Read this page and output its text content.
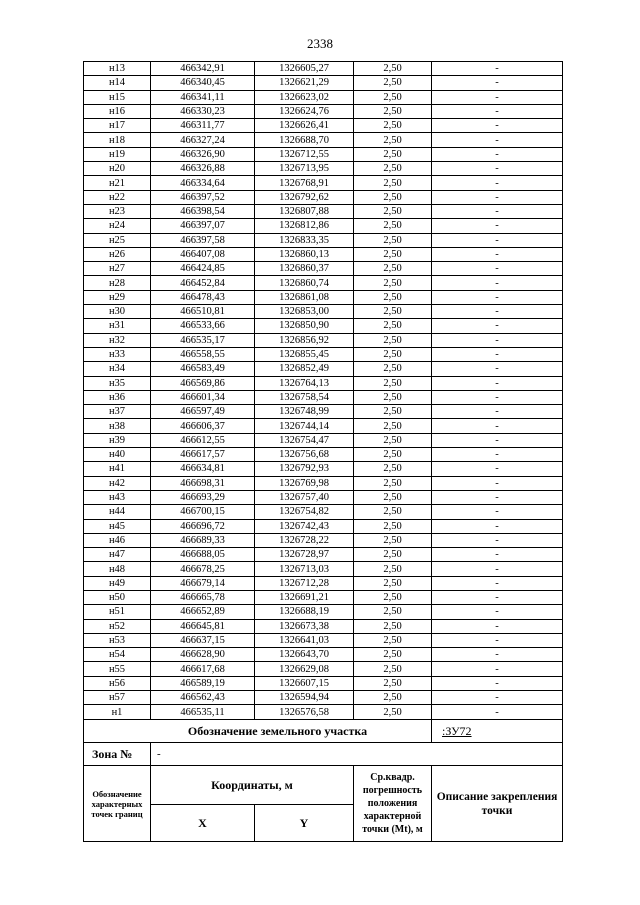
2338
н13	466342,91	1326605,27	2,50	-
н14	466340,45	1326621,29	2,50	-
н15	466341,11	1326623,02	2,50	-
н16	466330,23	1326624,76	2,50	-
н17	466311,77	1326626,41	2,50	-
н18	466327,24	1326688,70	2,50	-
н19	466326,90	1326712,55	2,50	-
н20	466326,88	1326713,95	2,50	-
н21	466334,64	1326768,91	2,50	-
н22	466397,52	1326792,62	2,50	-
н23	466398,54	1326807,88	2,50	-
н24	466397,07	1326812,86	2,50	-
н25	466397,58	1326833,35	2,50	-
н26	466407,08	1326860,13	2,50	-
н27	466424,85	1326860,37	2,50	-
н28	466452,84	1326860,74	2,50	-
н29	466478,43	1326861,08	2,50	-
н30	466510,81	1326853,00	2,50	-
н31	466533,66	1326850,90	2,50	-
н32	466535,17	1326856,92	2,50	-
н33	466558,55	1326855,45	2,50	-
н34	466583,49	1326852,49	2,50	-
н35	466569,86	1326764,13	2,50	-
н36	466601,34	1326758,54	2,50	-
н37	466597,49	1326748,99	2,50	-
н38	466606,37	1326744,14	2,50	-
н39	466612,55	1326754,47	2,50	-
н40	466617,57	1326756,68	2,50	-
н41	466634,81	1326792,93	2,50	-
н42	466698,31	1326769,98	2,50	-
н43	466693,29	1326757,40	2,50	-
н44	466700,15	1326754,82	2,50	-
н45	466696,72	1326742,43	2,50	-
н46	466689,33	1326728,22	2,50	-
н47	466688,05	1326728,97	2,50	-
н48	466678,25	1326713,03	2,50	-
н49	466679,14	1326712,28	2,50	-
н50	466665,78	1326691,21	2,50	-
н51	466652,89	1326688,19	2,50	-
н52	466645,81	1326673,38	2,50	-
н53	466637,15	1326641,03	2,50	-
н54	466628,90	1326643,70	2,50	-
н55	466617,68	1326629,08	2,50	-
н56	466589,19	1326607,15	2,50	-
н57	466562,43	1326594,94	2,50	-
н1	466535,11	1326576,58	2,50	-
Обозначение земельного участка				:ЗУ72
Зона №	-			
Обозначение характерных точек границ	Координаты, м		Ср.квадр. погрешность положения характерной точки (Mt), м	Описание закрепления точки
	X	Y		
